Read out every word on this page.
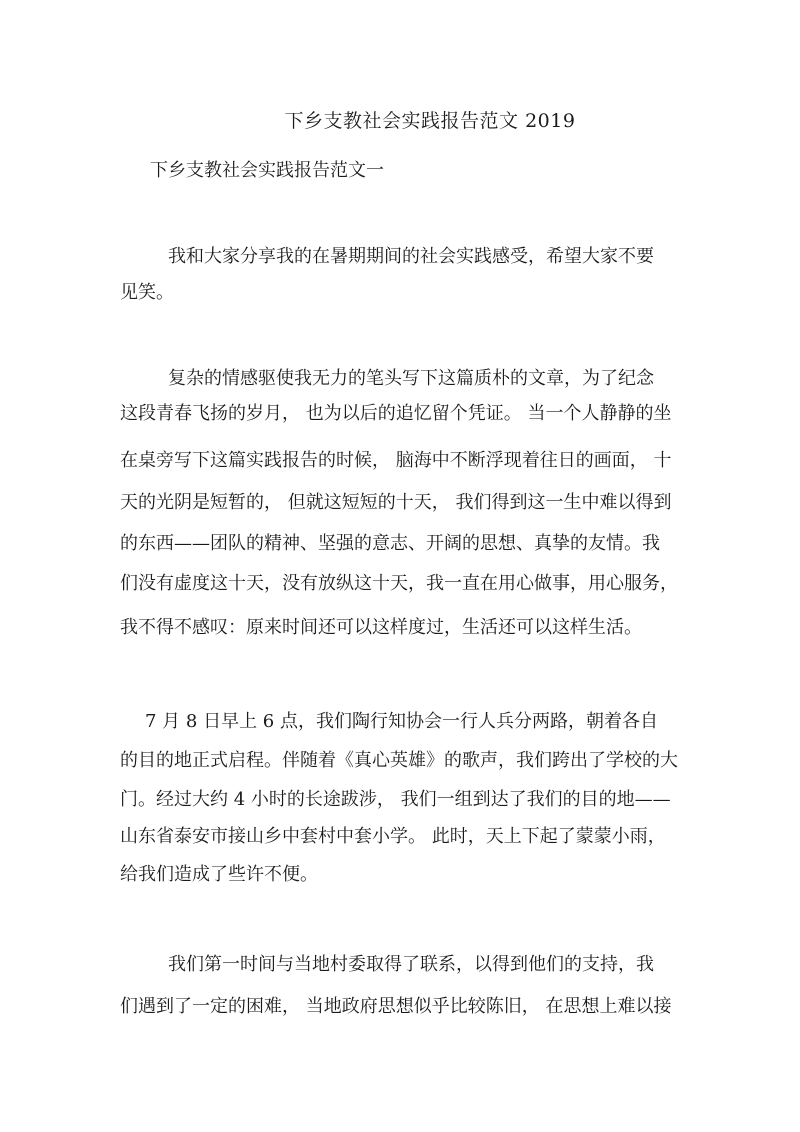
下乡支教社会实践报告范文 2019
下乡支教社会实践报告范文一
我和大家分享我的在暑期期间的社会实践感受，希望大家不要
见笑。
复杂的情感驱使我无力的笔头写下这篇质朴的文章，为了纪念
这段青春飞扬的岁月， 也为以后的追忆留个凭证。 当一个人静静的坐
在桌旁写下这篇实践报告的时候， 脑海中不断浮现着往日的画面， 十
天的光阴是短暂的， 但就这短短的十天， 我们得到这一生中难以得到
的东西——团队的精神、坚强的意志、开阔的思想、真挚的友情。我
们没有虚度这十天，没有放纵这十天，我一直在用心做事，用心服务，
我不得不感叹：原来时间还可以这样度过，生活还可以这样生活。
7 月 8 日早上 6 点，我们陶行知协会一行人兵分两路，朝着各自
的目的地正式启程。伴随着《真心英雄》的歌声，我们跨出了学校的大
门。经过大约 4 小时的长途跋涉， 我们一组到达了我们的目的地——
山东省泰安市接山乡中套村中套小学。 此时，天上下起了蒙蒙小雨，
给我们造成了些许不便。
我们第一时间与当地村委取得了联系，以得到他们的支持，我
们遇到了一定的困难， 当地政府思想似乎比较陈旧， 在思想上难以接
